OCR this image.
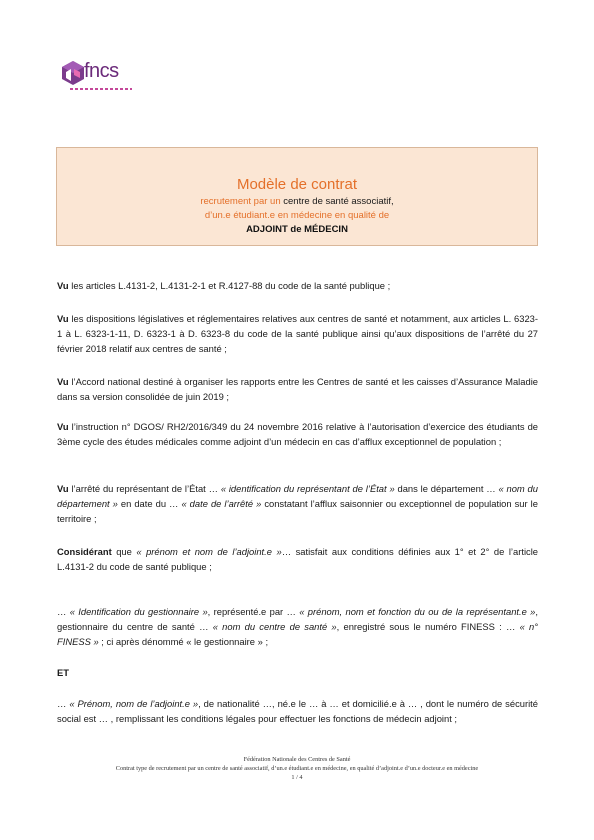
fncs
Modèle de contrat
recrutement par un centre de santé associatif,
d’un.e étudiant.e en médecine en qualité de
ADJOINT de MÉDECIN

Vu les articles L.4131-2, L.4131-2-1 et R.4127-88 du code de la santé publique ;

Vu les dispositions législatives et réglementaires relatives aux centres de santé et notamment, aux articles L. 6323-1 à L. 6323-1-11, D. 6323-1 à D. 6323-8 du code de la santé publique ainsi qu’aux dispositions de l’arrêté du 27 février 2018 relatif aux centres de santé ;

Vu l’Accord national destiné à organiser les rapports entre les Centres de santé et les caisses d’Assurance Maladie dans sa version consolidée de juin 2019 ;

Vu l’instruction n° DGOS/ RH2/2016/349 du 24 novembre 2016 relative à l’autorisation d’exercice des étudiants de 3ème cycle des études médicales comme adjoint d’un médecin en cas d’afflux exceptionnel de population ;

Vu l’arrêté du représentant de l’État … « identification du représentant de l’État » dans le département … « nom du département » en date du … « date de l’arrêté » constatant l’afflux saisonnier ou exceptionnel de population sur le territoire ;

Considérant que « prénom et nom de l’adjoint.e »… satisfait aux conditions définies aux 1° et 2° de l’article L.4131-2 du code de santé publique ;

… « Identification du gestionnaire », représenté.e par … « prénom, nom et fonction du ou de la représentant.e », gestionnaire du centre de santé … « nom du centre de santé », enregistré sous le numéro FINESS : … « n° FINESS » ; ci après dénommé « le gestionnaire » ;

ET

… « Prénom, nom de l’adjoint.e », de nationalité …, né.e le … à … et domicilié.e à … , dont le numéro de sécurité social est … , remplissant les conditions légales pour effectuer les fonctions de médecin adjoint ;

Fédération Nationale des Centres de Santé
Contrat type de recrutement par un centre de santé associatif, d’un.e étudiant.e en médecine, en qualité d’adjoint.e d’un.e docteur.e en médecine
1 / 4
